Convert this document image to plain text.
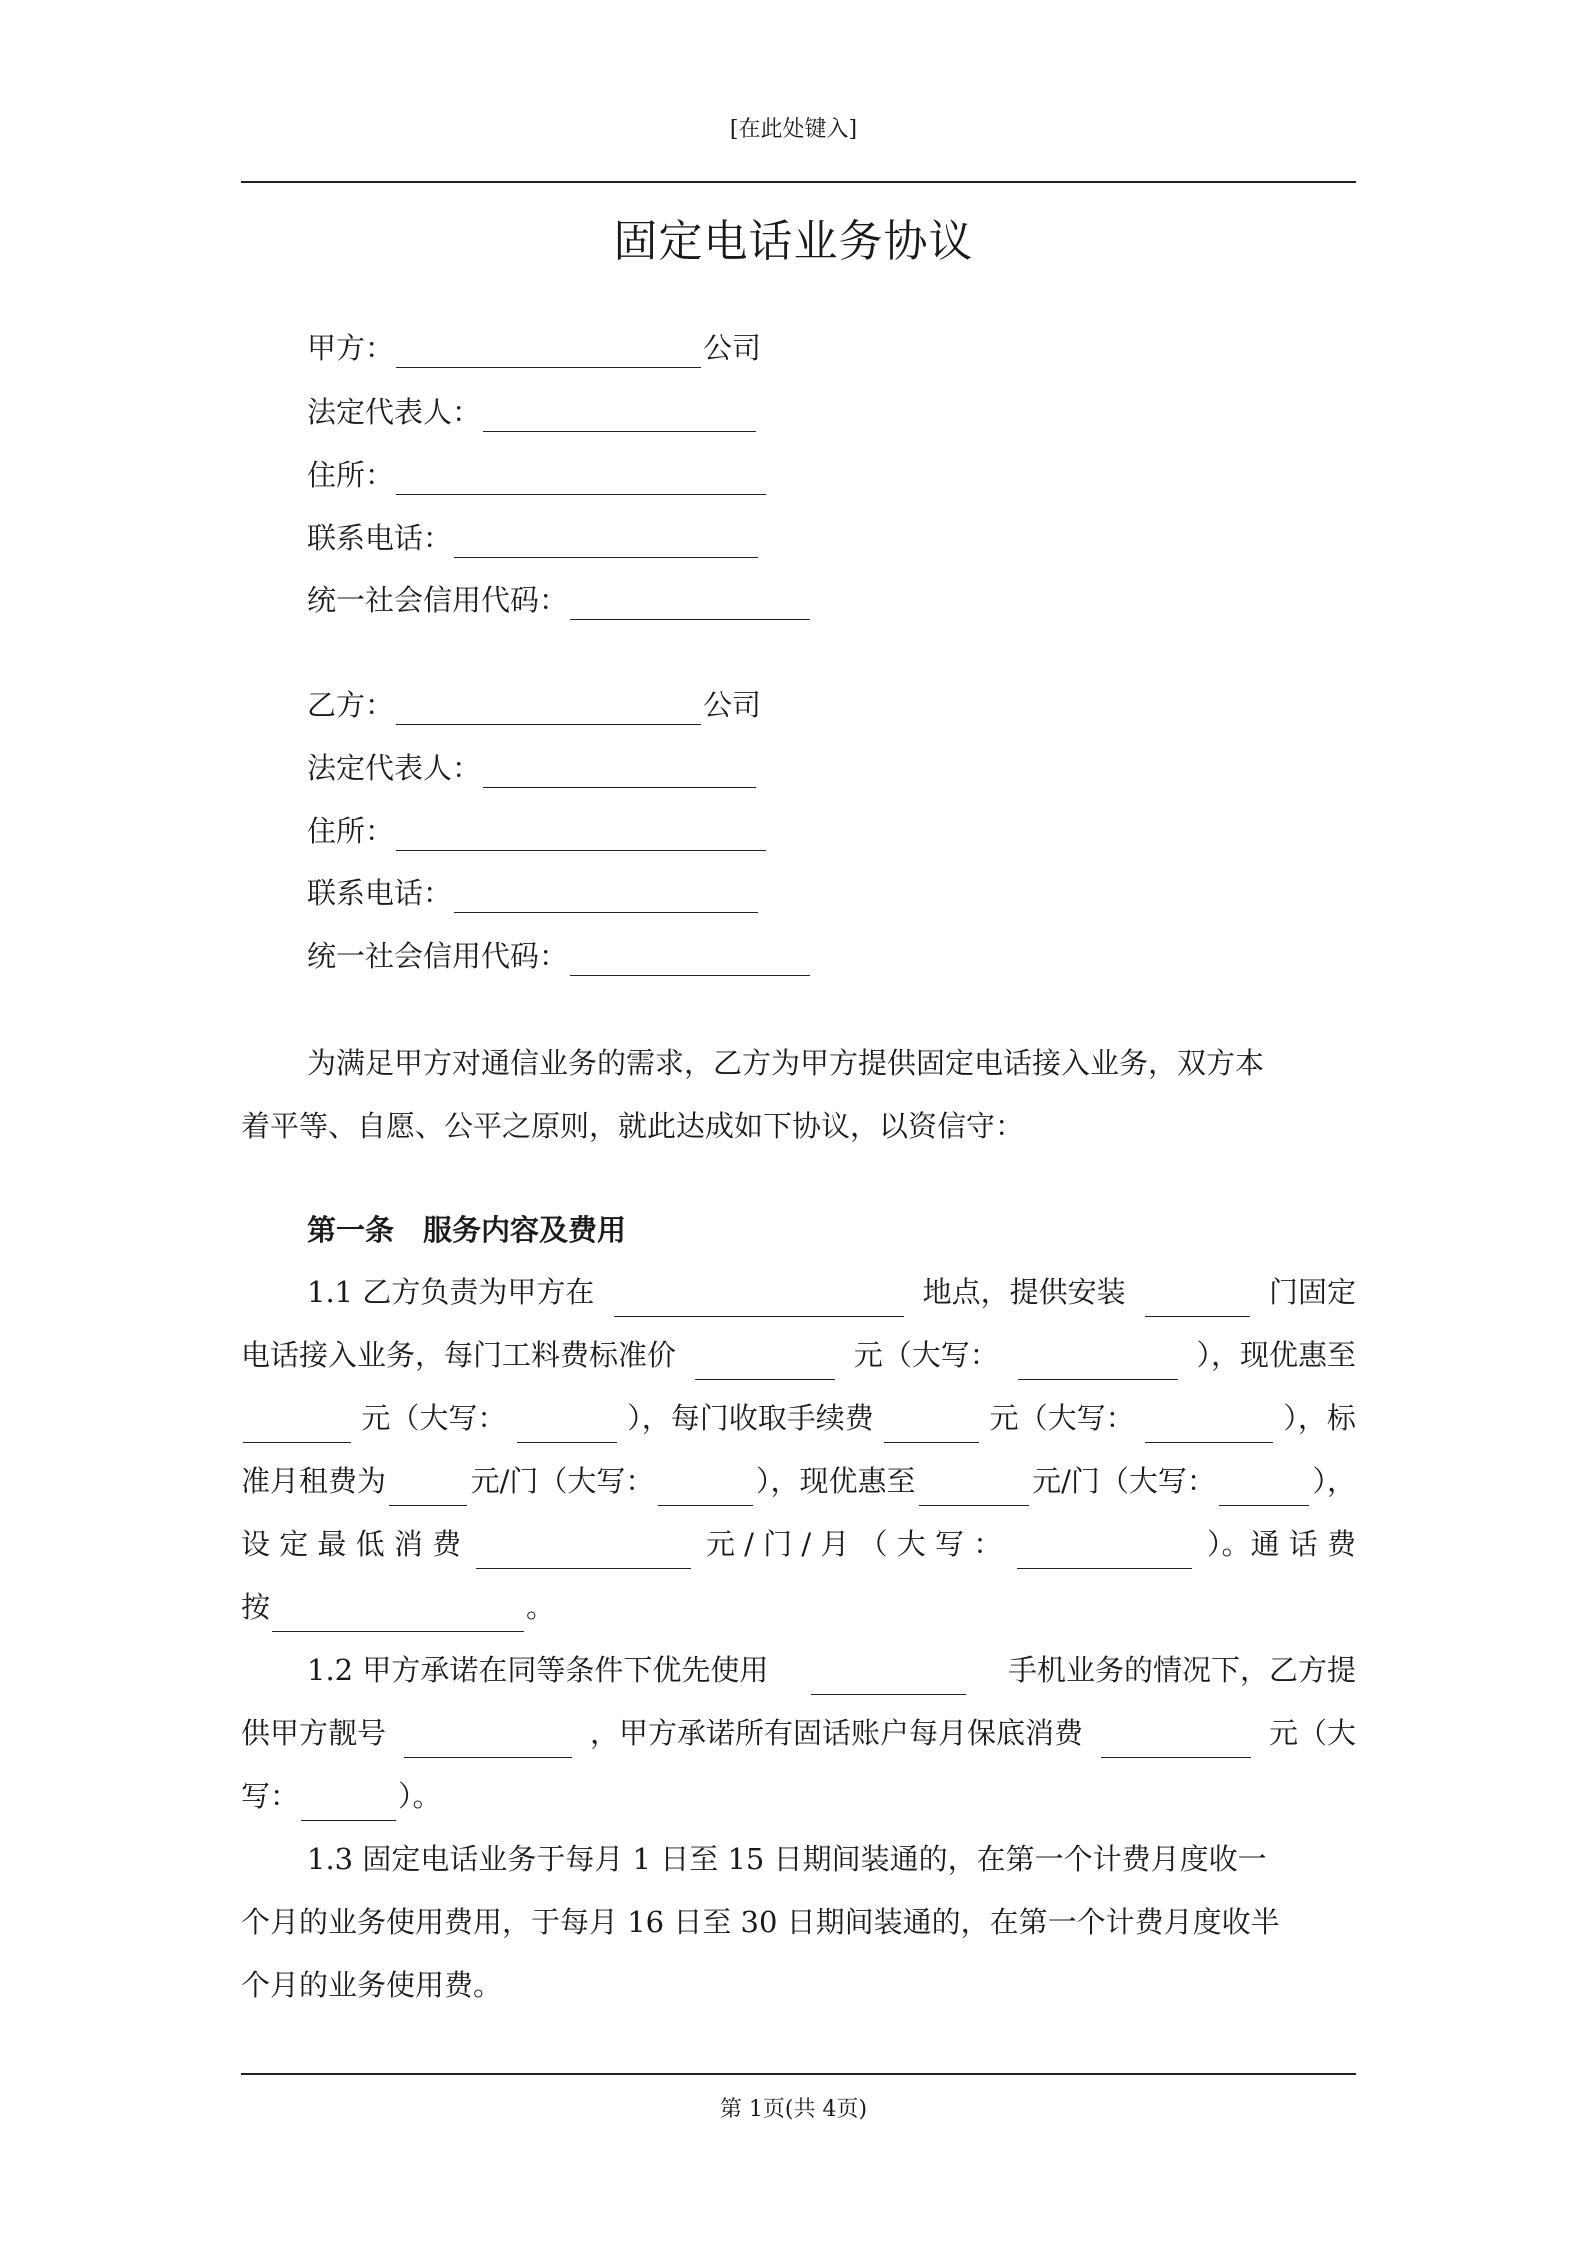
[在此处键入]
固定电话业务协议
甲方：	公司
法定代表人：
住所：
联系电话：
统一社会信用代码：
乙方：	公司
法定代表人：
住所：
联系电话：
统一社会信用代码：
为满足甲方对通信业务的需求，乙方为甲方提供固定电话接入业务，双方本
着平等、自愿、公平之原则，就此达成如下协议，以资信守：
第一条　服务内容及费用
1.1 乙方负责为甲方在	地点，提供安装	门固定
电话接入业务，每门工料费标准价	元（大写：	），现优惠至
元（大写：	），每门收取手续费	元（大写：	），标
准月租费为	元/门（大写：	），现优惠至	元/门（大写：	），
设 定 最 低 消 费	元 / 门 / 月 （ 大 写 ：	）。通 话 费
按	。
1.2 甲方承诺在同等条件下优先使用	手机业务的情况下，乙方提
供甲方靓号	，甲方承诺所有固话账户每月保底消费	元（大
写：	）。
1.3 固定电话业务于每月 1 日至 15 日期间装通的，在第一个计费月度收一
个月的业务使用费用，于每月 16 日至 30 日期间装通的，在第一个计费月度收半
个月的业务使用费。
第 1页(共 4页)
